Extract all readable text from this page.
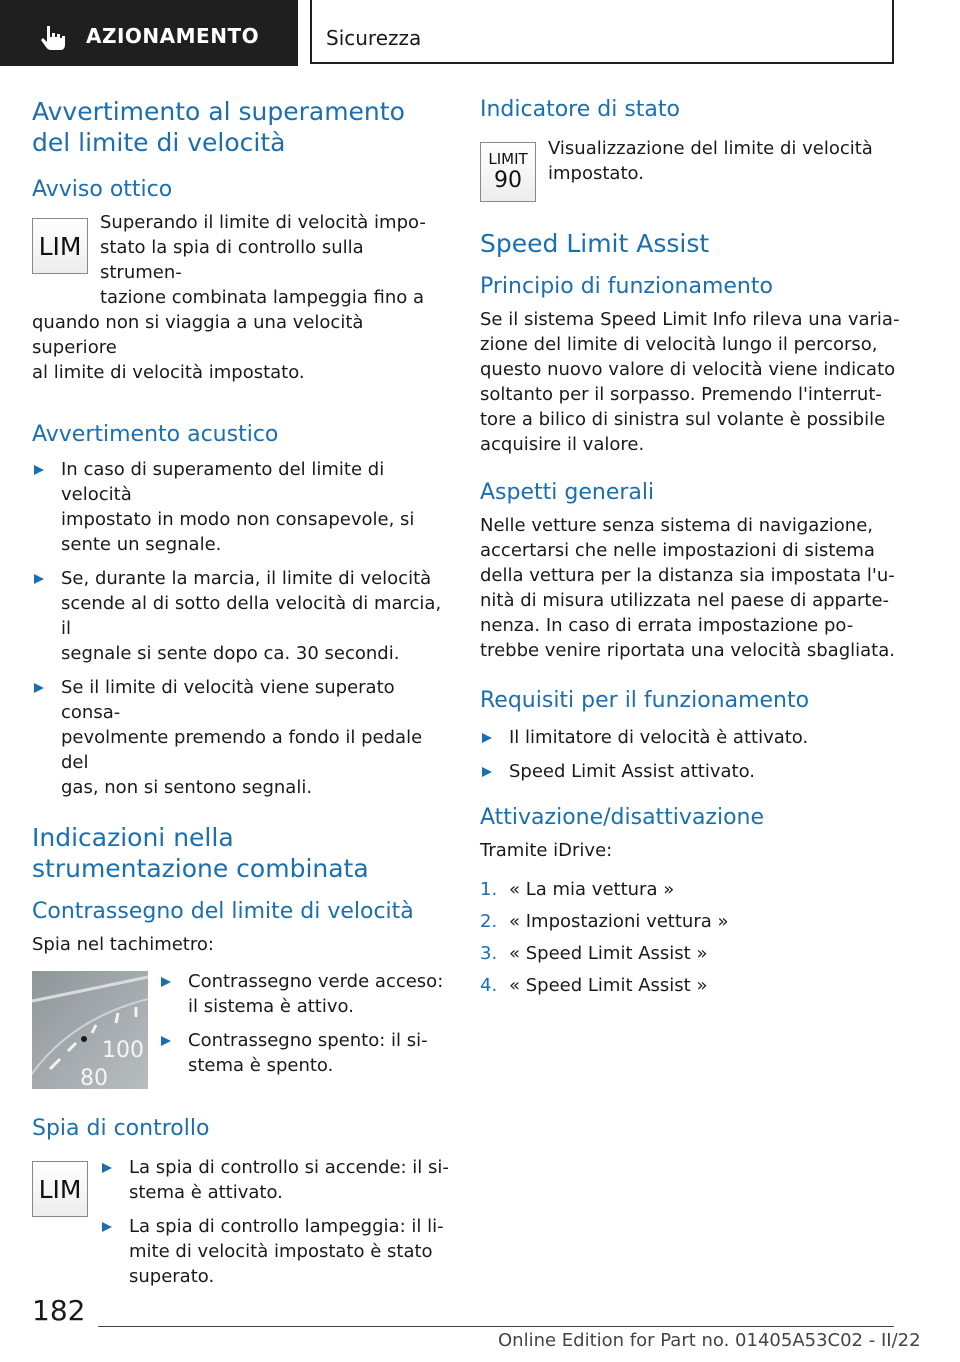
AZIONAMENTO	Sicurezza
Avvertimento al superamento del limite di velocità
Avviso ottico
LIM
Superando il limite di velocità impo-
stato la spia di controllo sulla strumen-
tazione combinata lampeggia fino a
quando non si viaggia a una velocità superiore
al limite di velocità impostato.
Avvertimento acustico
In caso di superamento del limite di velocità
impostato in modo non consapevole, si
sente un segnale.
Se, durante la marcia, il limite di velocità
scende al di sotto della velocità di marcia, il
segnale si sente dopo ca. 30 secondi.
Se il limite di velocità viene superato consa-
pevolmente premendo a fondo il pedale del
gas, non si sentono segnali.
Indicazioni nella strumentazione combinata
Contrassegno del limite di velocità
Spia nel tachimetro:
100
80
Contrassegno verde acceso:
il sistema è attivo.
Contrassegno spento: il si-
stema è spento.
Spia di controllo
LIM
La spia di controllo si accende: il si-
stema è attivato.
La spia di controllo lampeggia: il li-
mite di velocità impostato è stato
superato.
Indicatore di stato
LIMIT
90
Visualizzazione del limite di velocità
impostato.
Speed Limit Assist
Principio di funzionamento
Se il sistema Speed Limit Info rileva una varia-
zione del limite di velocità lungo il percorso,
questo nuovo valore di velocità viene indicato
soltanto per il sorpasso. Premendo l'interrut-
tore a bilico di sinistra sul volante è possibile
acquisire il valore.
Aspetti generali
Nelle vetture senza sistema di navigazione,
accertarsi che nelle impostazioni di sistema
della vettura per la distanza sia impostata l'u-
nità di misura utilizzata nel paese di apparte-
nenza. In caso di errata impostazione po-
trebbe venire riportata una velocità sbagliata.
Requisiti per il funzionamento
Il limitatore di velocità è attivato.
Speed Limit Assist attivato.
Attivazione/disattivazione
Tramite iDrive:
1. « La mia vettura »
2. « Impostazioni vettura »
3. « Speed Limit Assist »
4. « Speed Limit Assist »
182
Online Edition for Part no. 01405A53C02 - II/22
